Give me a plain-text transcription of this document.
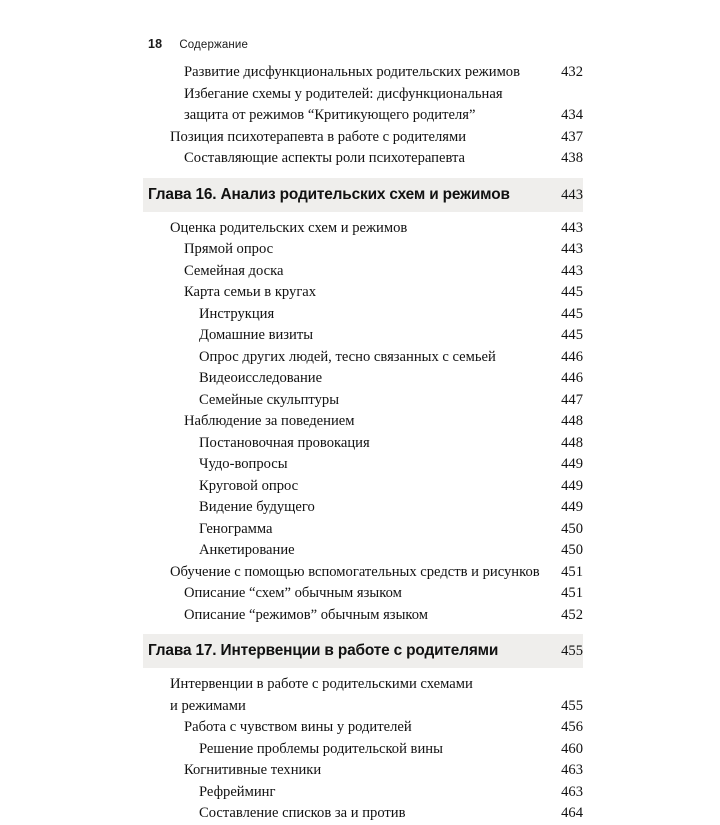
18 Содержание
Развитие дисфункциональных родительских режимов	432
Избегание схемы у родителей: дисфункциональная
защита от режимов “Критикующего родителя”	434
Позиция психотерапевта в работе с родителями	437
Составляющие аспекты роли психотерапевта	438
Глава 16. Анализ родительских схем и режимов	443
Оценка родительских схем и режимов	443
Прямой опрос	443
Семейная доска	443
Карта семьи в кругах	445
Инструкция	445
Домашние визиты	445
Опрос других людей, тесно связанных с семьей	446
Видеоисследование	446
Семейные скульптуры	447
Наблюдение за поведением	448
Постановочная провокация	448
Чудо-вопросы	449
Круговой опрос	449
Видение будущего	449
Генограмма	450
Анкетирование	450
Обучение с помощью вспомогательных средств и рисунков	451
Описание “схем” обычным языком	451
Описание “режимов” обычным языком	452
Глава 17. Интервенции в работе с родителями	455
Интервенции в работе с родительскими схемами
и режимами	455
Работа с чувством вины у родителей	456
Решение проблемы родительской вины	460
Когнитивные техники	463
Рефрейминг	463
Составление списков за и против	464
